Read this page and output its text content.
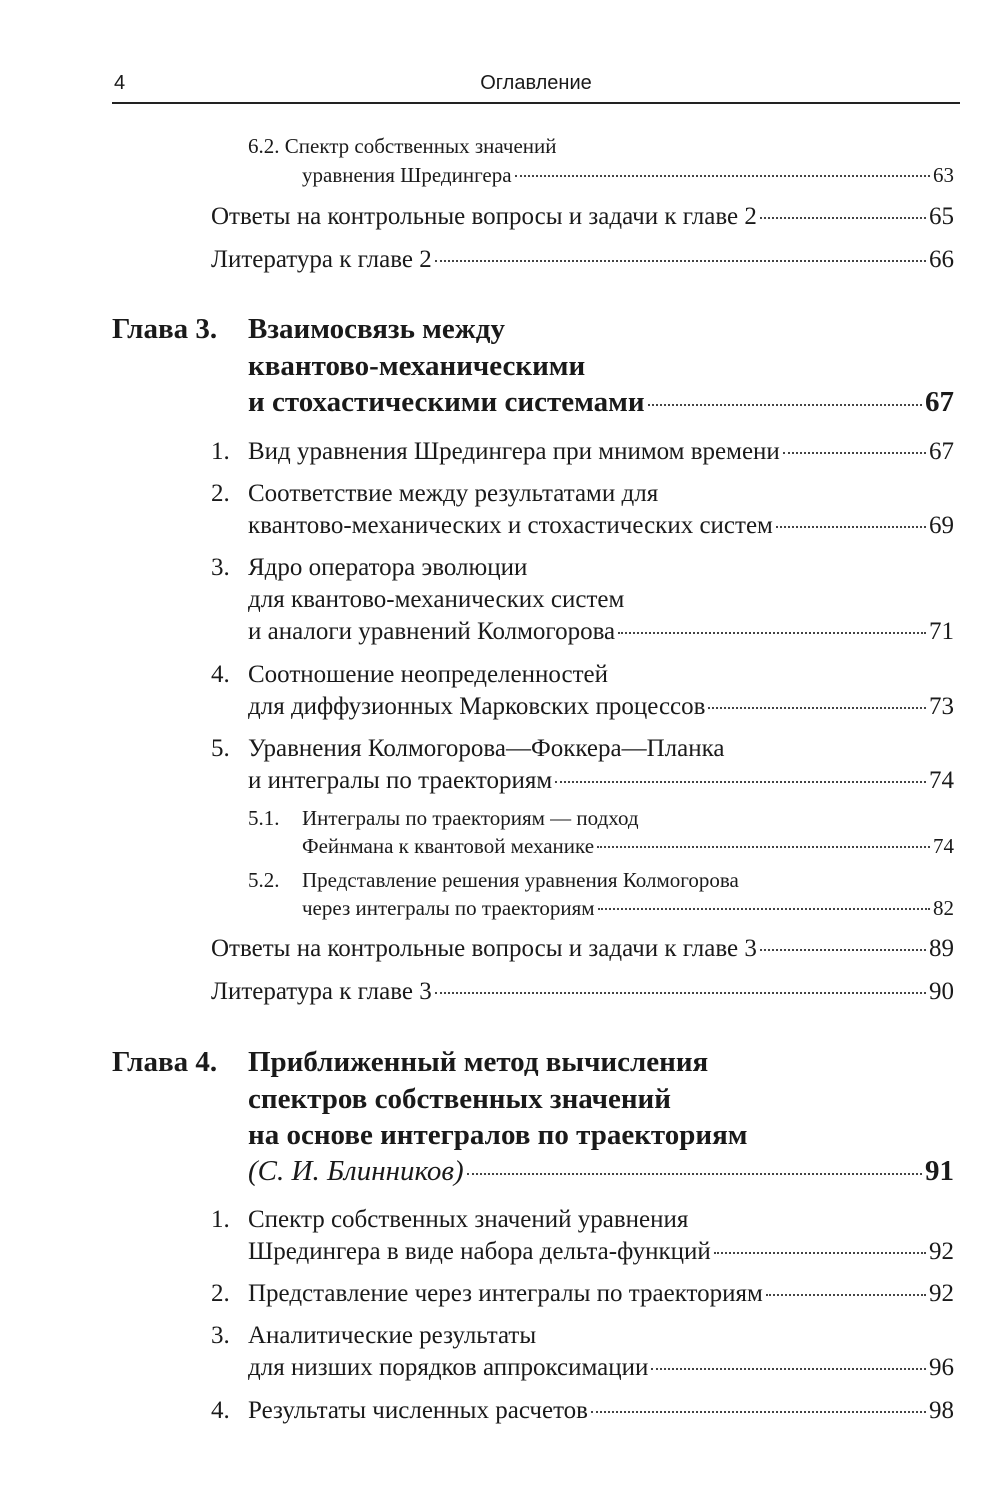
4	Оглавление
6.2. Спектр собственных значений
уравнения Шредингера	63
Ответы на контрольные вопросы и задачи к главе 2	65
Литература к главе 2	66
Глава 3. Взаимосвязь между
квантово-механическими
и стохастическими системами	67
1. Вид уравнения Шредингера при мнимом времени	67
2. Соответствие между результатами для
квантово-механических и стохастических систем	69
3. Ядро оператора эволюции
для квантово-механических систем
и аналоги уравнений Колмогорова	71
4. Соотношение неопределенностей
для диффузионных Марковских процессов	73
5. Уравнения Колмогорова—Фоккера—Планка
и интегралы по траекториям	74
5.1. Интегралы по траекториям — подход
Фейнмана к квантовой механике	74
5.2. Представление решения уравнения Колмогорова
через интегралы по траекториям	82
Ответы на контрольные вопросы и задачи к главе 3	89
Литература к главе 3	90
Глава 4. Приближенный метод вычисления
спектров собственных значений
на основе интегралов по траекториям
(С. И. Блинников)	91
1. Спектр собственных значений уравнения
Шредингера в виде набора дельта-функций	92
2. Представление через интегралы по траекториям	92
3. Аналитические результаты
для низших порядков аппроксимации	96
4. Результаты численных расчетов	98
